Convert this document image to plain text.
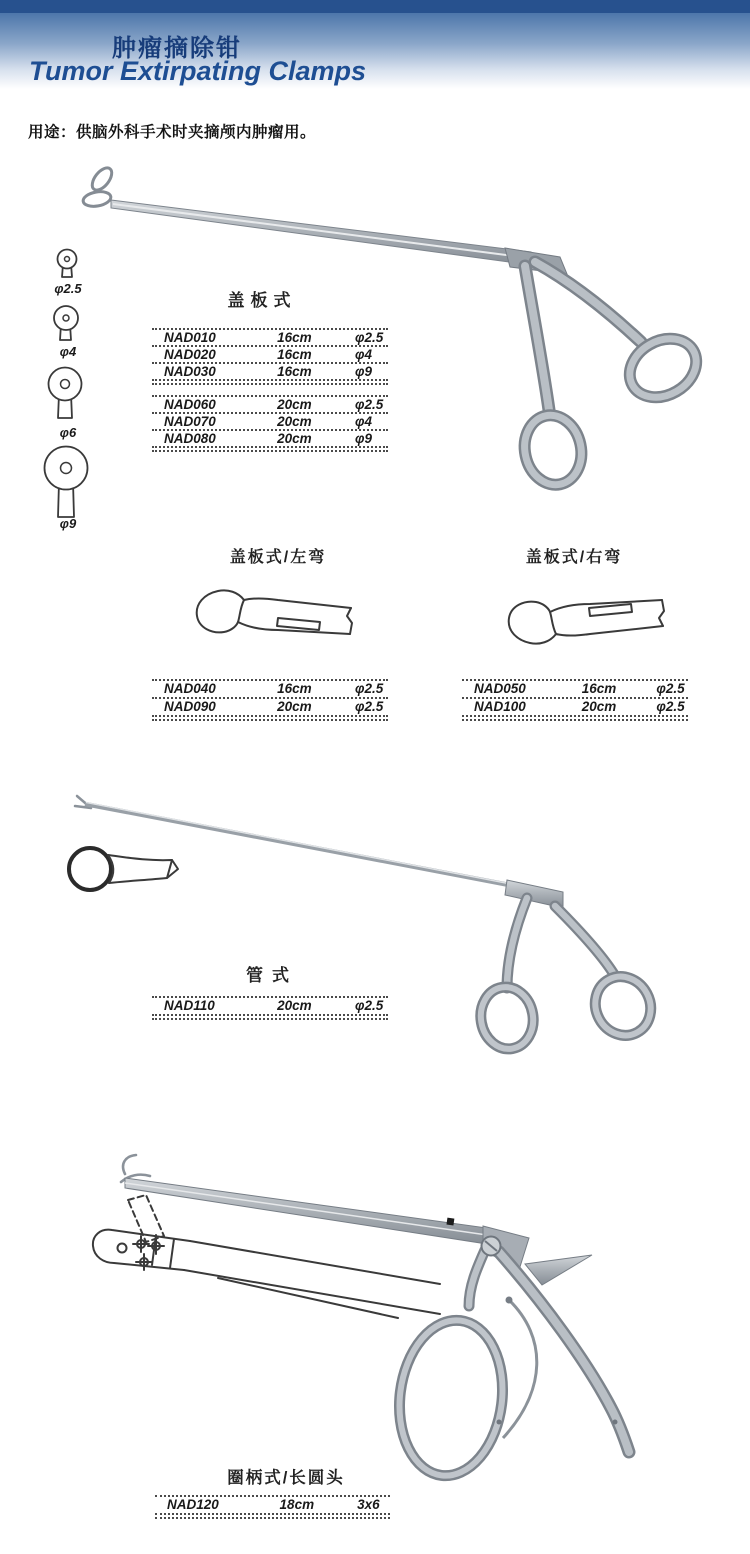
肿瘤摘除钳
Tumor Extirpating Clamps
用途：供脑外科手术时夹摘颅内肿瘤用。
φ2.5
φ4
φ6
φ9
盖板式
NAD010	16cm	φ2.5
NAD020	16cm	φ4
NAD030	16cm	φ9
NAD060	20cm	φ2.5
NAD070	20cm	φ4
NAD080	20cm	φ9
盖板式/左弯	盖板式/右弯
NAD040	16cm	φ2.5
NAD090	20cm	φ2.5
NAD050	16cm	φ2.5
NAD100	20cm	φ2.5
管式
NAD110	20cm	φ2.5
圈柄式/长圆头
NAD120	18cm	3x6
